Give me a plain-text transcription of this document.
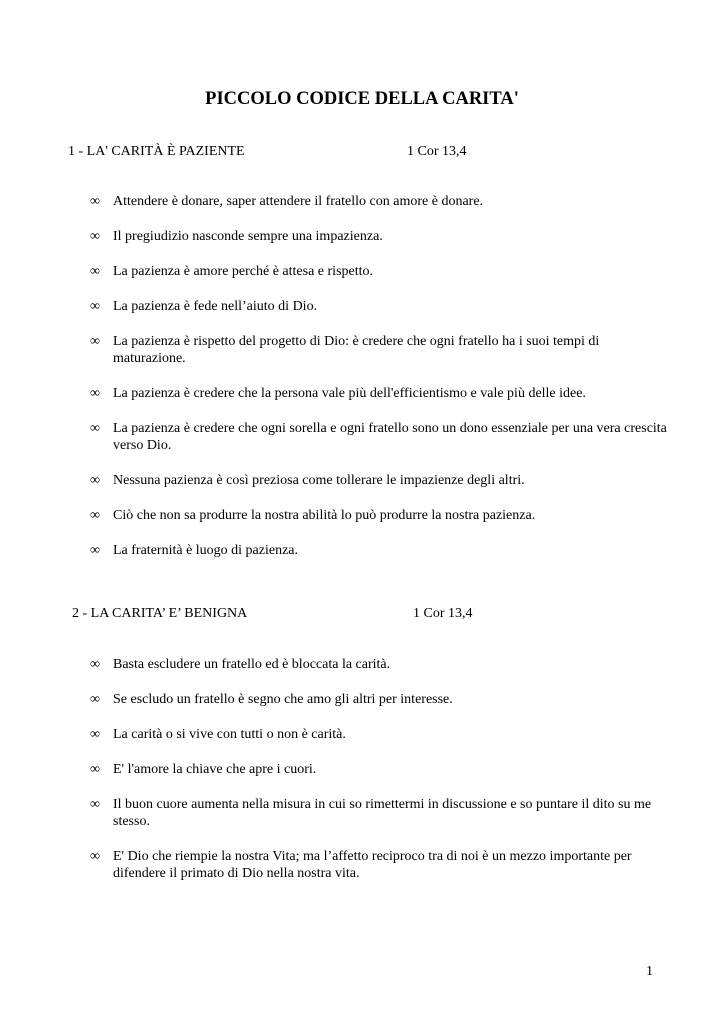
PICCOLO CODICE DELLA CARITA'
1 - LA' CARITÀ È PAZIENTE	1 Cor 13,4
∞ Attendere è donare, saper attendere il fratello con amore è donare.
∞ Il pregiudizio nasconde sempre una impazienza.
∞ La pazienza è amore perché è attesa e rispetto.
∞ La pazienza è fede nell’aiuto di Dio.
∞ La pazienza è rispetto del progetto di Dio: è credere che ogni fratello ha i suoi tempi di maturazione.
∞ La pazienza è credere che la persona vale più dell'efficientismo e vale più delle idee.
∞ La pazienza è credere che ogni sorella e ogni fratello sono un dono essenziale per una vera crescita verso Dio.
∞ Nessuna pazienza è così preziosa come tollerare le impazienze degli altri.
∞ Ciò che non sa produrre la nostra abilità lo può produrre la nostra pazienza.
∞ La fraternità è luogo di pazienza.
2 - LA CARITA’ E’ BENIGNA	1 Cor 13,4
∞ Basta escludere un fratello ed è bloccata la carità.
∞ Se escludo un fratello è segno che amo gli altri per interesse.
∞ La carità o si vive con tutti o non è carità.
∞ E' l'amore la chiave che apre i cuori.
∞ Il buon cuore aumenta nella misura in cui so rimettermi in discussione e so puntare il dito su me stesso.
∞ E' Dio che riempie la nostra Vita; ma l’affetto reciproco tra di noi è un mezzo importante per difendere il primato di Dio nella nostra vita.
1
